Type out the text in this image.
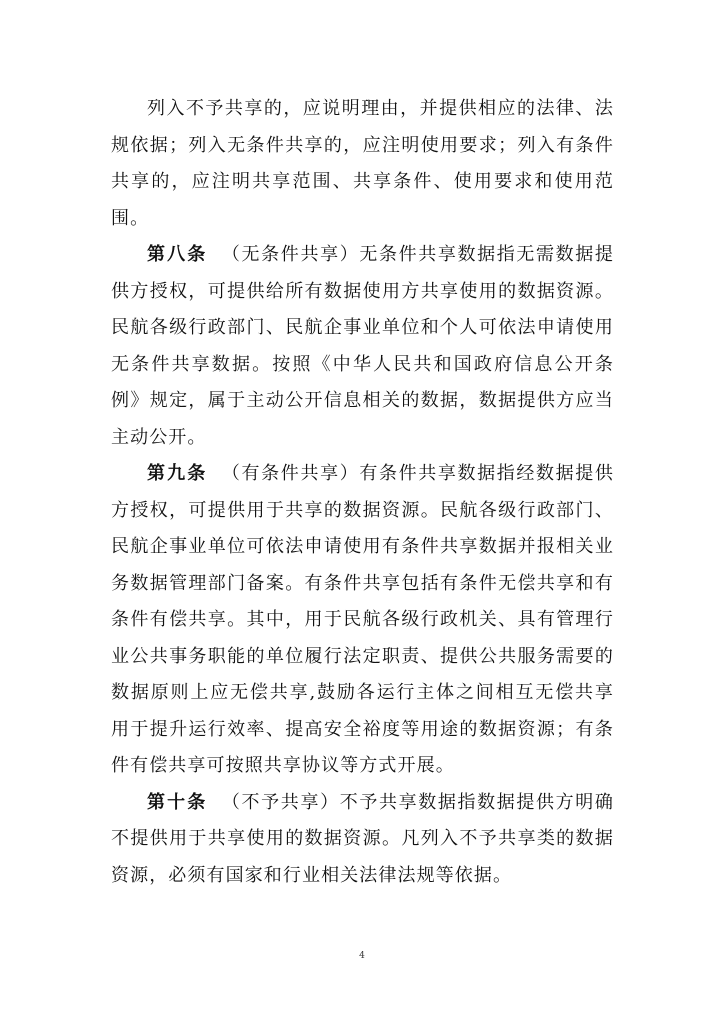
列入不予共享的，应说明理由，并提供相应的法律、法规依据；列入无条件共享的，应注明使用要求；列入有条件共享的，应注明共享范围、共享条件、使用要求和使用范围。

第八条 （无条件共享）无条件共享数据指无需数据提供方授权，可提供给所有数据使用方共享使用的数据资源。民航各级行政部门、民航企事业单位和个人可依法申请使用无条件共享数据。按照《中华人民共和国政府信息公开条例》规定，属于主动公开信息相关的数据，数据提供方应当主动公开。

第九条 （有条件共享）有条件共享数据指经数据提供方授权，可提供用于共享的数据资源。民航各级行政部门、民航企事业单位可依法申请使用有条件共享数据并报相关业务数据管理部门备案。有条件共享包括有条件无偿共享和有条件有偿共享。其中，用于民航各级行政机关、具有管理行业公共事务职能的单位履行法定职责、提供公共服务需要的数据原则上应无偿共享,鼓励各运行主体之间相互无偿共享用于提升运行效率、提高安全裕度等用途的数据资源；有条件有偿共享可按照共享协议等方式开展。

第十条 （不予共享）不予共享数据指数据提供方明确不提供用于共享使用的数据资源。凡列入不予共享类的数据资源，必须有国家和行业相关法律法规等依据。

4
